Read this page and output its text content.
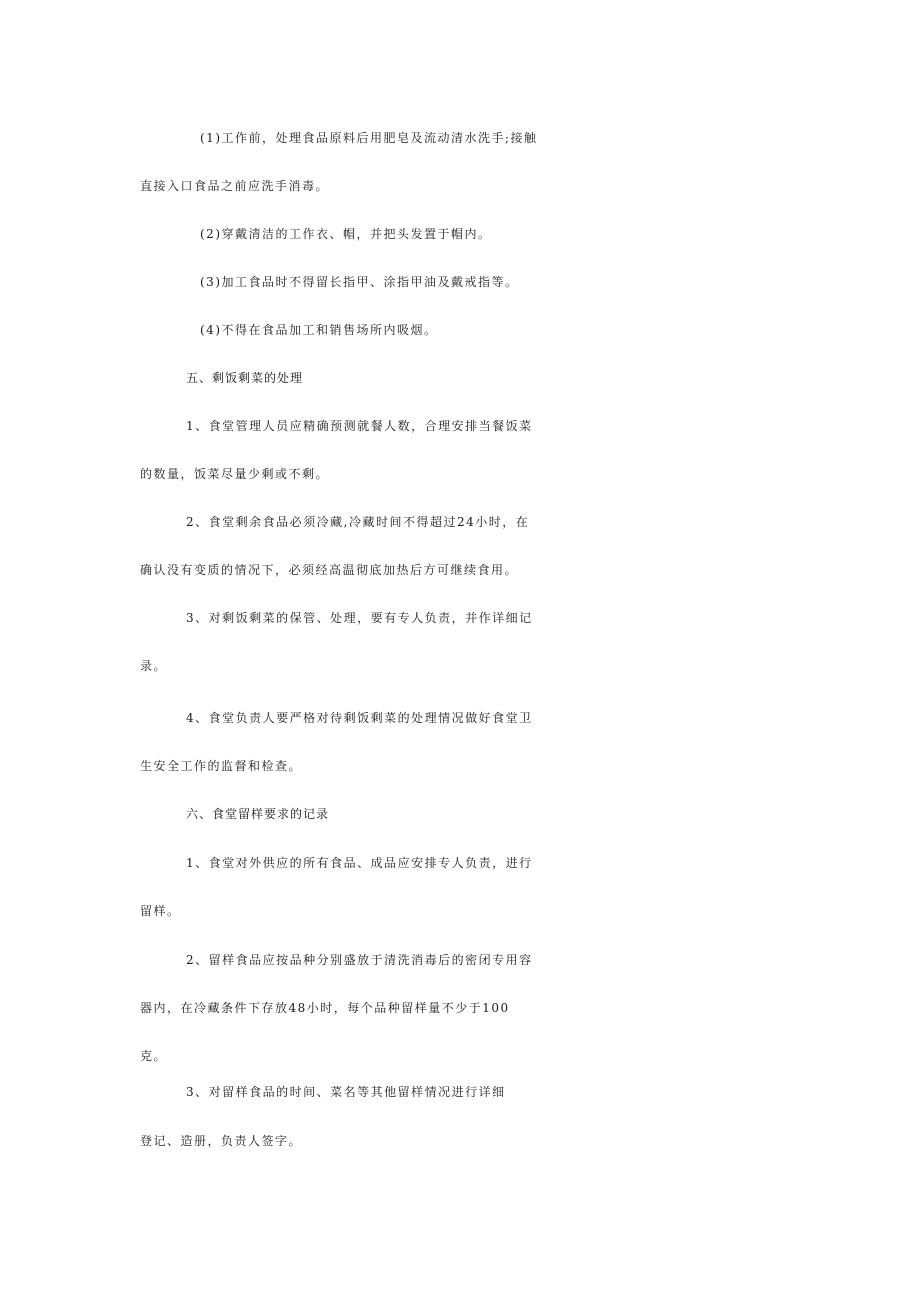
(1)工作前，处理食品原料后用肥皂及流动清水洗手;接触
直接入口食品之前应洗手消毒。
(2)穿戴清洁的工作衣、帽，并把头发置于帽内。
(3)加工食品时不得留长指甲、涂指甲油及戴戒指等。
(4)不得在食品加工和销售场所内吸烟。
五、剩饭剩菜的处理
1、食堂管理人员应精确预测就餐人数，合理安排当餐饭菜
的数量，饭菜尽量少剩或不剩。
2、食堂剩余食品必须冷藏,冷藏时间不得超过24小时，在
确认没有变质的情况下，必须经高温彻底加热后方可继续食用。
3、对剩饭剩菜的保管、处理，要有专人负责，并作详细记
录。
4、食堂负责人要严格对待剩饭剩菜的处理情况做好食堂卫
生安全工作的监督和检查。
六、食堂留样要求的记录
1、食堂对外供应的所有食品、成品应安排专人负责，进行
留样。
2、留样食品应按品种分别盛放于清洗消毒后的密闭专用容
器内，在冷藏条件下存放48小时，每个品种留样量不少于100
克。
3、对留样食品的时间、菜名等其他留样情况进行详细
登记、造册，负责人签字。
